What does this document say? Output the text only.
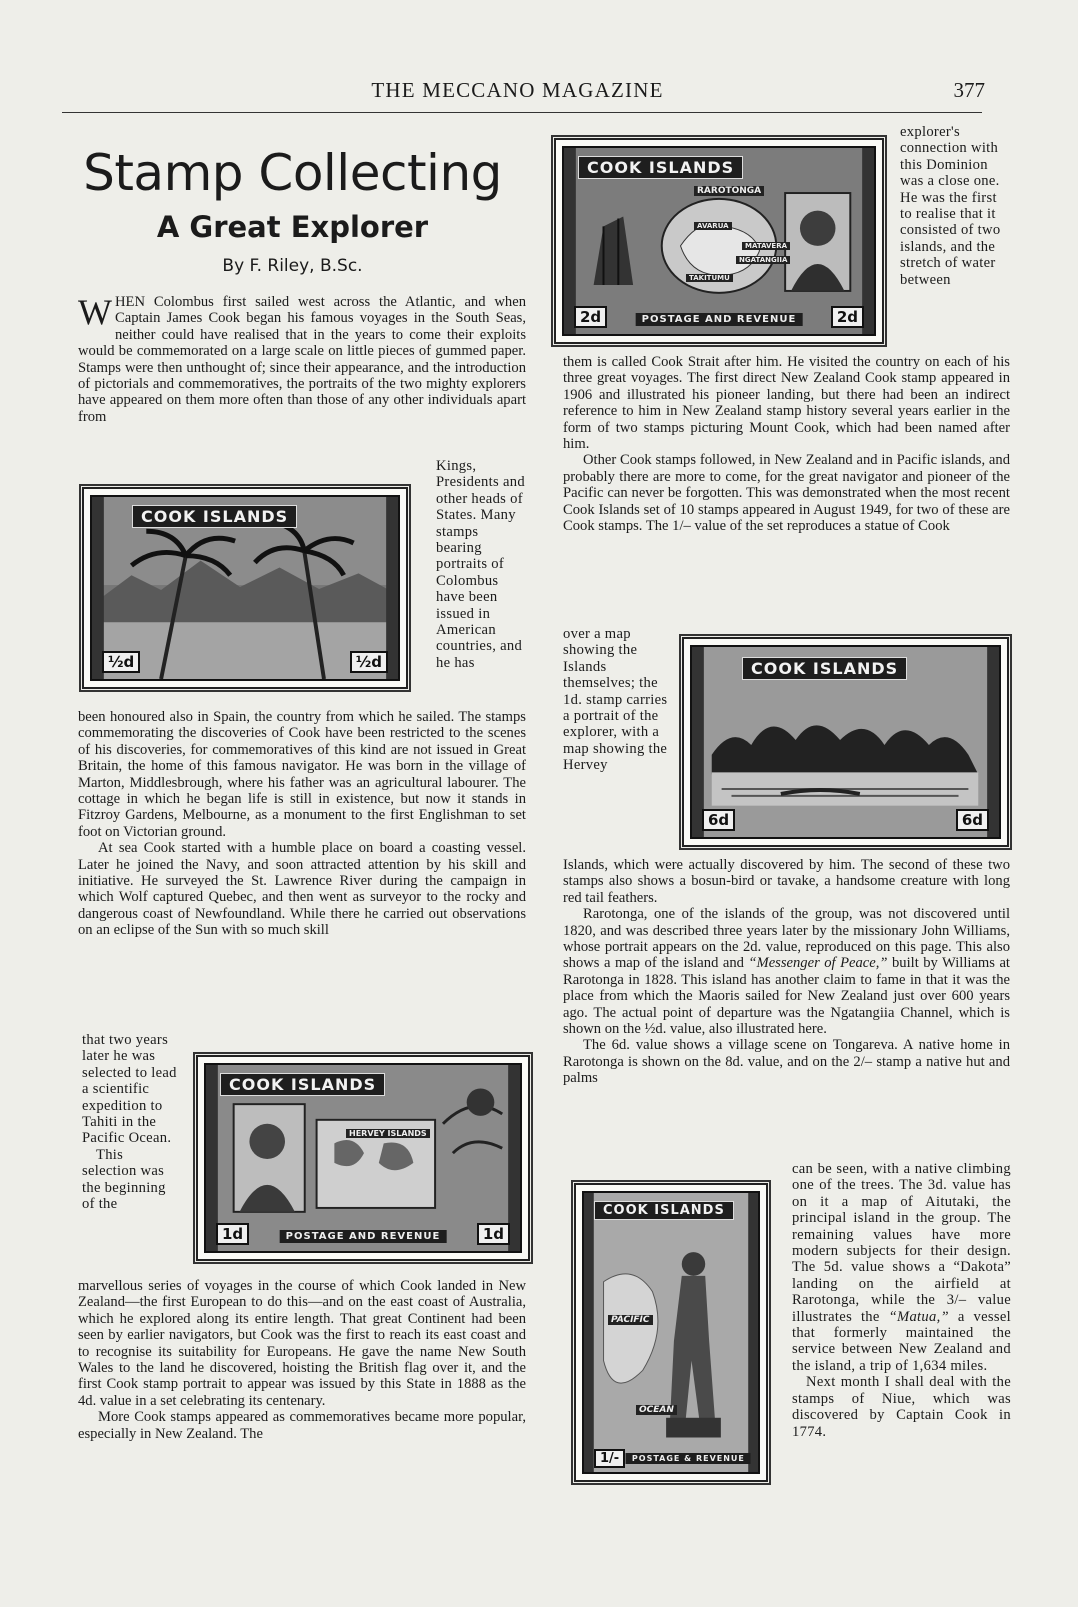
THE MECCANO MAGAZINE	377
Stamp Collecting
A Great Explorer
By F. Riley, B.Sc.

WHEN Colombus first sailed west across the Atlantic, and when Captain James Cook began his famous voyages in the South Seas, neither could have realised that in the years to come their exploits would be commemorated on a large scale on little pieces of gummed paper. Stamps were then unthought of; since their appearance, and the introduction of pictorials and commemoratives, the portraits of the two mighty explorers have appeared on them more often than those of any other individuals apart from

COOK ISLANDS
½d	½d

Kings, Presidents and other heads of States. Many stamps bearing portraits of Colombus have been issued in American countries, and he has

been honoured also in Spain, the country from which he sailed. The stamps commemorating the discoveries of Cook have been restricted to the scenes of his discoveries, for commemoratives of this kind are not issued in Great Britain, the home of this famous navigator. He was born in the village of Marton, Middlesbrough, where his father was an agricultural labourer. The cottage in which he began life is still in existence, but now it stands in Fitzroy Gardens, Melbourne, as a monument to the first Englishman to set foot on Victorian ground.

At sea Cook started with a humble place on board a coasting vessel. Later he joined the Navy, and soon attracted attention by his skill and initiative. He surveyed the St. Lawrence River during the campaign in which Wolf captured Quebec, and then went as surveyor to the rocky and dangerous coast of Newfoundland. While there he carried out observations on an eclipse of the Sun with so much skill

that two years later he was selected to lead a scientific expedition to Tahiti in the Pacific Ocean.

This selection was the beginning of the

COOK ISLANDS
HERVEY ISLANDS
POSTAGE AND REVENUE
1d	1d

marvellous series of voyages in the course of which Cook landed in New Zealand—the first European to do this—and on the east coast of Australia, which he explored along its entire length. That great Continent had been seen by earlier navigators, but Cook was the first to reach its east coast and to recognise its suitability for Europeans. He gave the name New South Wales to the land he discovered, hoisting the British flag over it, and the first Cook stamp portrait to appear was issued by this State in 1888 as the 4d. value in a set celebrating its centenary.

More Cook stamps appeared as commemoratives became more popular, especially in New Zealand. The

COOK ISLANDS
RAROTONGA
AVARUA
MATAVERA
NGATANGIIA
TAKITUMU
POSTAGE AND REVENUE
2d	2d

explorer's connection with this Dominion was a close one. He was the first to realise that it consisted of two islands, and the stretch of water between

them is called Cook Strait after him. He visited the country on each of his three great voyages. The first direct New Zealand Cook stamp appeared in 1906 and illustrated his pioneer landing, but there had been an indirect reference to him in New Zealand stamp history several years earlier in the form of two stamps picturing Mount Cook, which had been named after him.

Other Cook stamps followed, in New Zealand and in Pacific islands, and probably there are more to come, for the great navigator and pioneer of the Pacific can never be forgotten. This was demonstrated when the most recent Cook Islands set of 10 stamps appeared in August 1949, for two of these are Cook stamps. The 1/– value of the set reproduces a statue of Cook

over a map showing the Islands themselves; the 1d. stamp carries a portrait of the explorer, with a map showing the Hervey

COOK ISLANDS
6d	6d

Islands, which were actually discovered by him. The second of these two stamps also shows a bosun-bird or tavake, a handsome creature with long red tail feathers.

Rarotonga, one of the islands of the group, was not discovered until 1820, and was described three years later by the missionary John Williams, whose portrait appears on the 2d. value, reproduced on this page. This also shows a map of the island and “Messenger of Peace,” built by Williams at Rarotonga in 1828. This island has another claim to fame in that it was the place from which the Maoris sailed for New Zealand just over 600 years ago. The actual point of departure was the Ngatangiia Channel, which is shown on the ½d. value, also illustrated here.

The 6d. value shows a village scene on Tongareva. A native home in Rarotonga is shown on the 8d. value, and on the 2/– stamp a native hut and palms

COOK ISLANDS
PACIFIC
OCEAN
POSTAGE & REVENUE
1/-

can be seen, with a native climbing one of the trees. The 3d. value has on it a map of Aitutaki, the principal island in the group. The remaining values have more modern subjects for their design. The 5d. value shows a “Dakota” landing on the airfield at Rarotonga, while the 3/– value illustrates the “Matua,” a vessel that formerly maintained the service between New Zealand and the island, a trip of 1,634 miles.

Next month I shall deal with the stamps of Niue, which was discovered by Captain Cook in 1774.
